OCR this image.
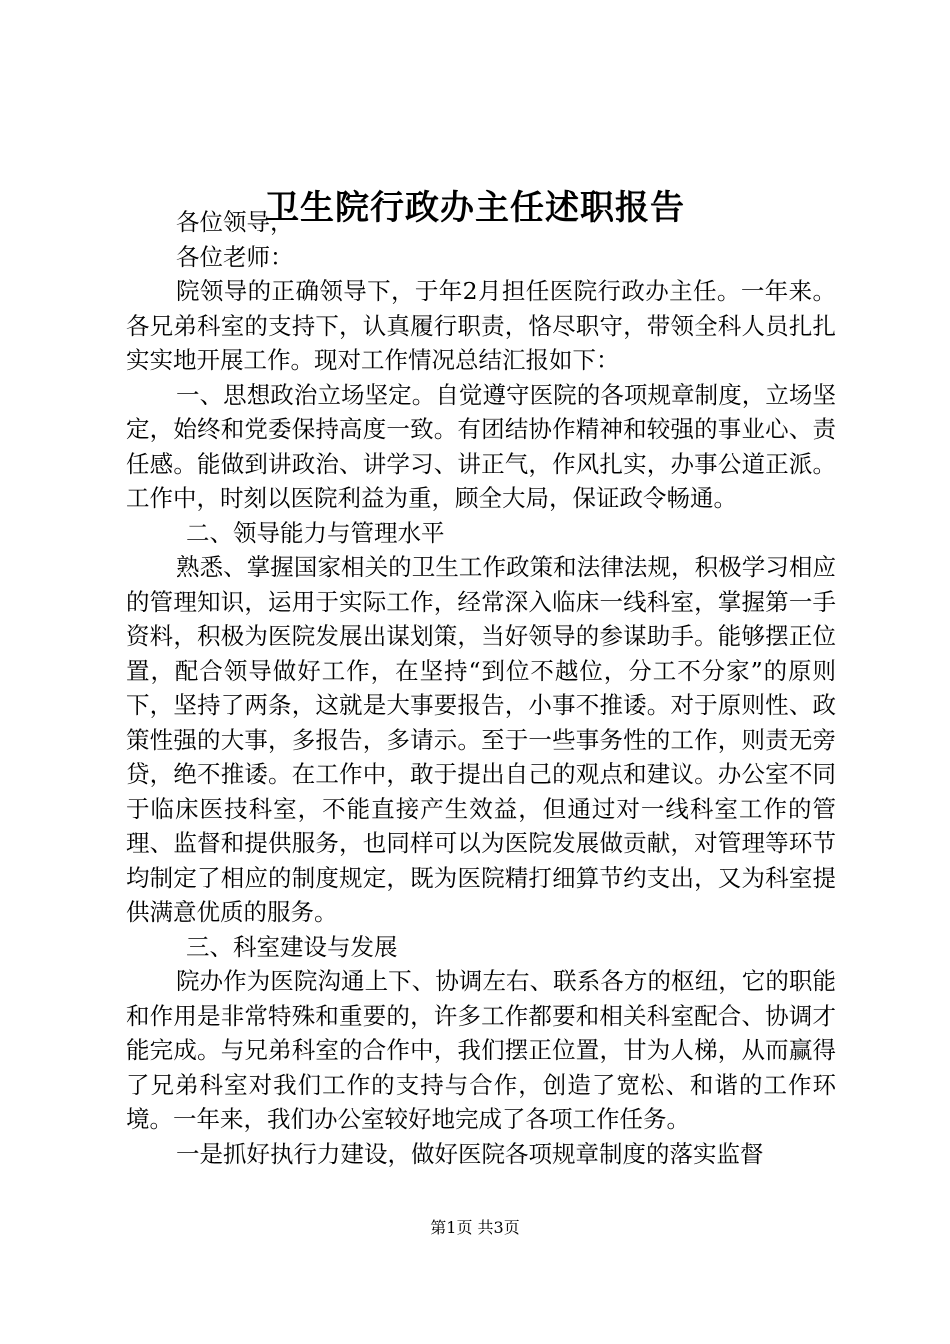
卫生院行政办主任述职报告

各位领导，

各位老师：

院领导的正确领导下，于年2月担任医院行政办主任。一年来。各兄弟科室的支持下，认真履行职责，恪尽职守，带领全科人员扎扎实实地开展工作。现对工作情况总结汇报如下：

一、思想政治立场坚定。自觉遵守医院的各项规章制度，立场坚定，始终和党委保持高度一致。有团结协作精神和较强的事业心、责任感。能做到讲政治、讲学习、讲正气，作风扎实，办事公道正派。工作中，时刻以医院利益为重，顾全大局，保证政令畅通。

二、领导能力与管理水平

熟悉、掌握国家相关的卫生工作政策和法律法规，积极学习相应的管理知识，运用于实际工作，经常深入临床一线科室，掌握第一手资料，积极为医院发展出谋划策，当好领导的参谋助手。能够摆正位置，配合领导做好工作，在坚持“到位不越位，分工不分家”的原则下，坚持了两条，这就是大事要报告，小事不推诿。对于原则性、政策性强的大事，多报告，多请示。至于一些事务性的工作，则责无旁贷，绝不推诿。在工作中，敢于提出自己的观点和建议。办公室不同于临床医技科室，不能直接产生效益，但通过对一线科室工作的管理、监督和提供服务，也同样可以为医院发展做贡献，对管理等环节均制定了相应的制度规定，既为医院精打细算节约支出，又为科室提供满意优质的服务。

三、科室建设与发展

院办作为医院沟通上下、协调左右、联系各方的枢纽，它的职能和作用是非常特殊和重要的，许多工作都要和相关科室配合、协调才能完成。与兄弟科室的合作中，我们摆正位置，甘为人梯，从而赢得了兄弟科室对我们工作的支持与合作，创造了宽松、和谐的工作环境。一年来，我们办公室较好地完成了各项工作任务。

一是抓好执行力建设，做好医院各项规章制度的落实监督

第1页 共3页
